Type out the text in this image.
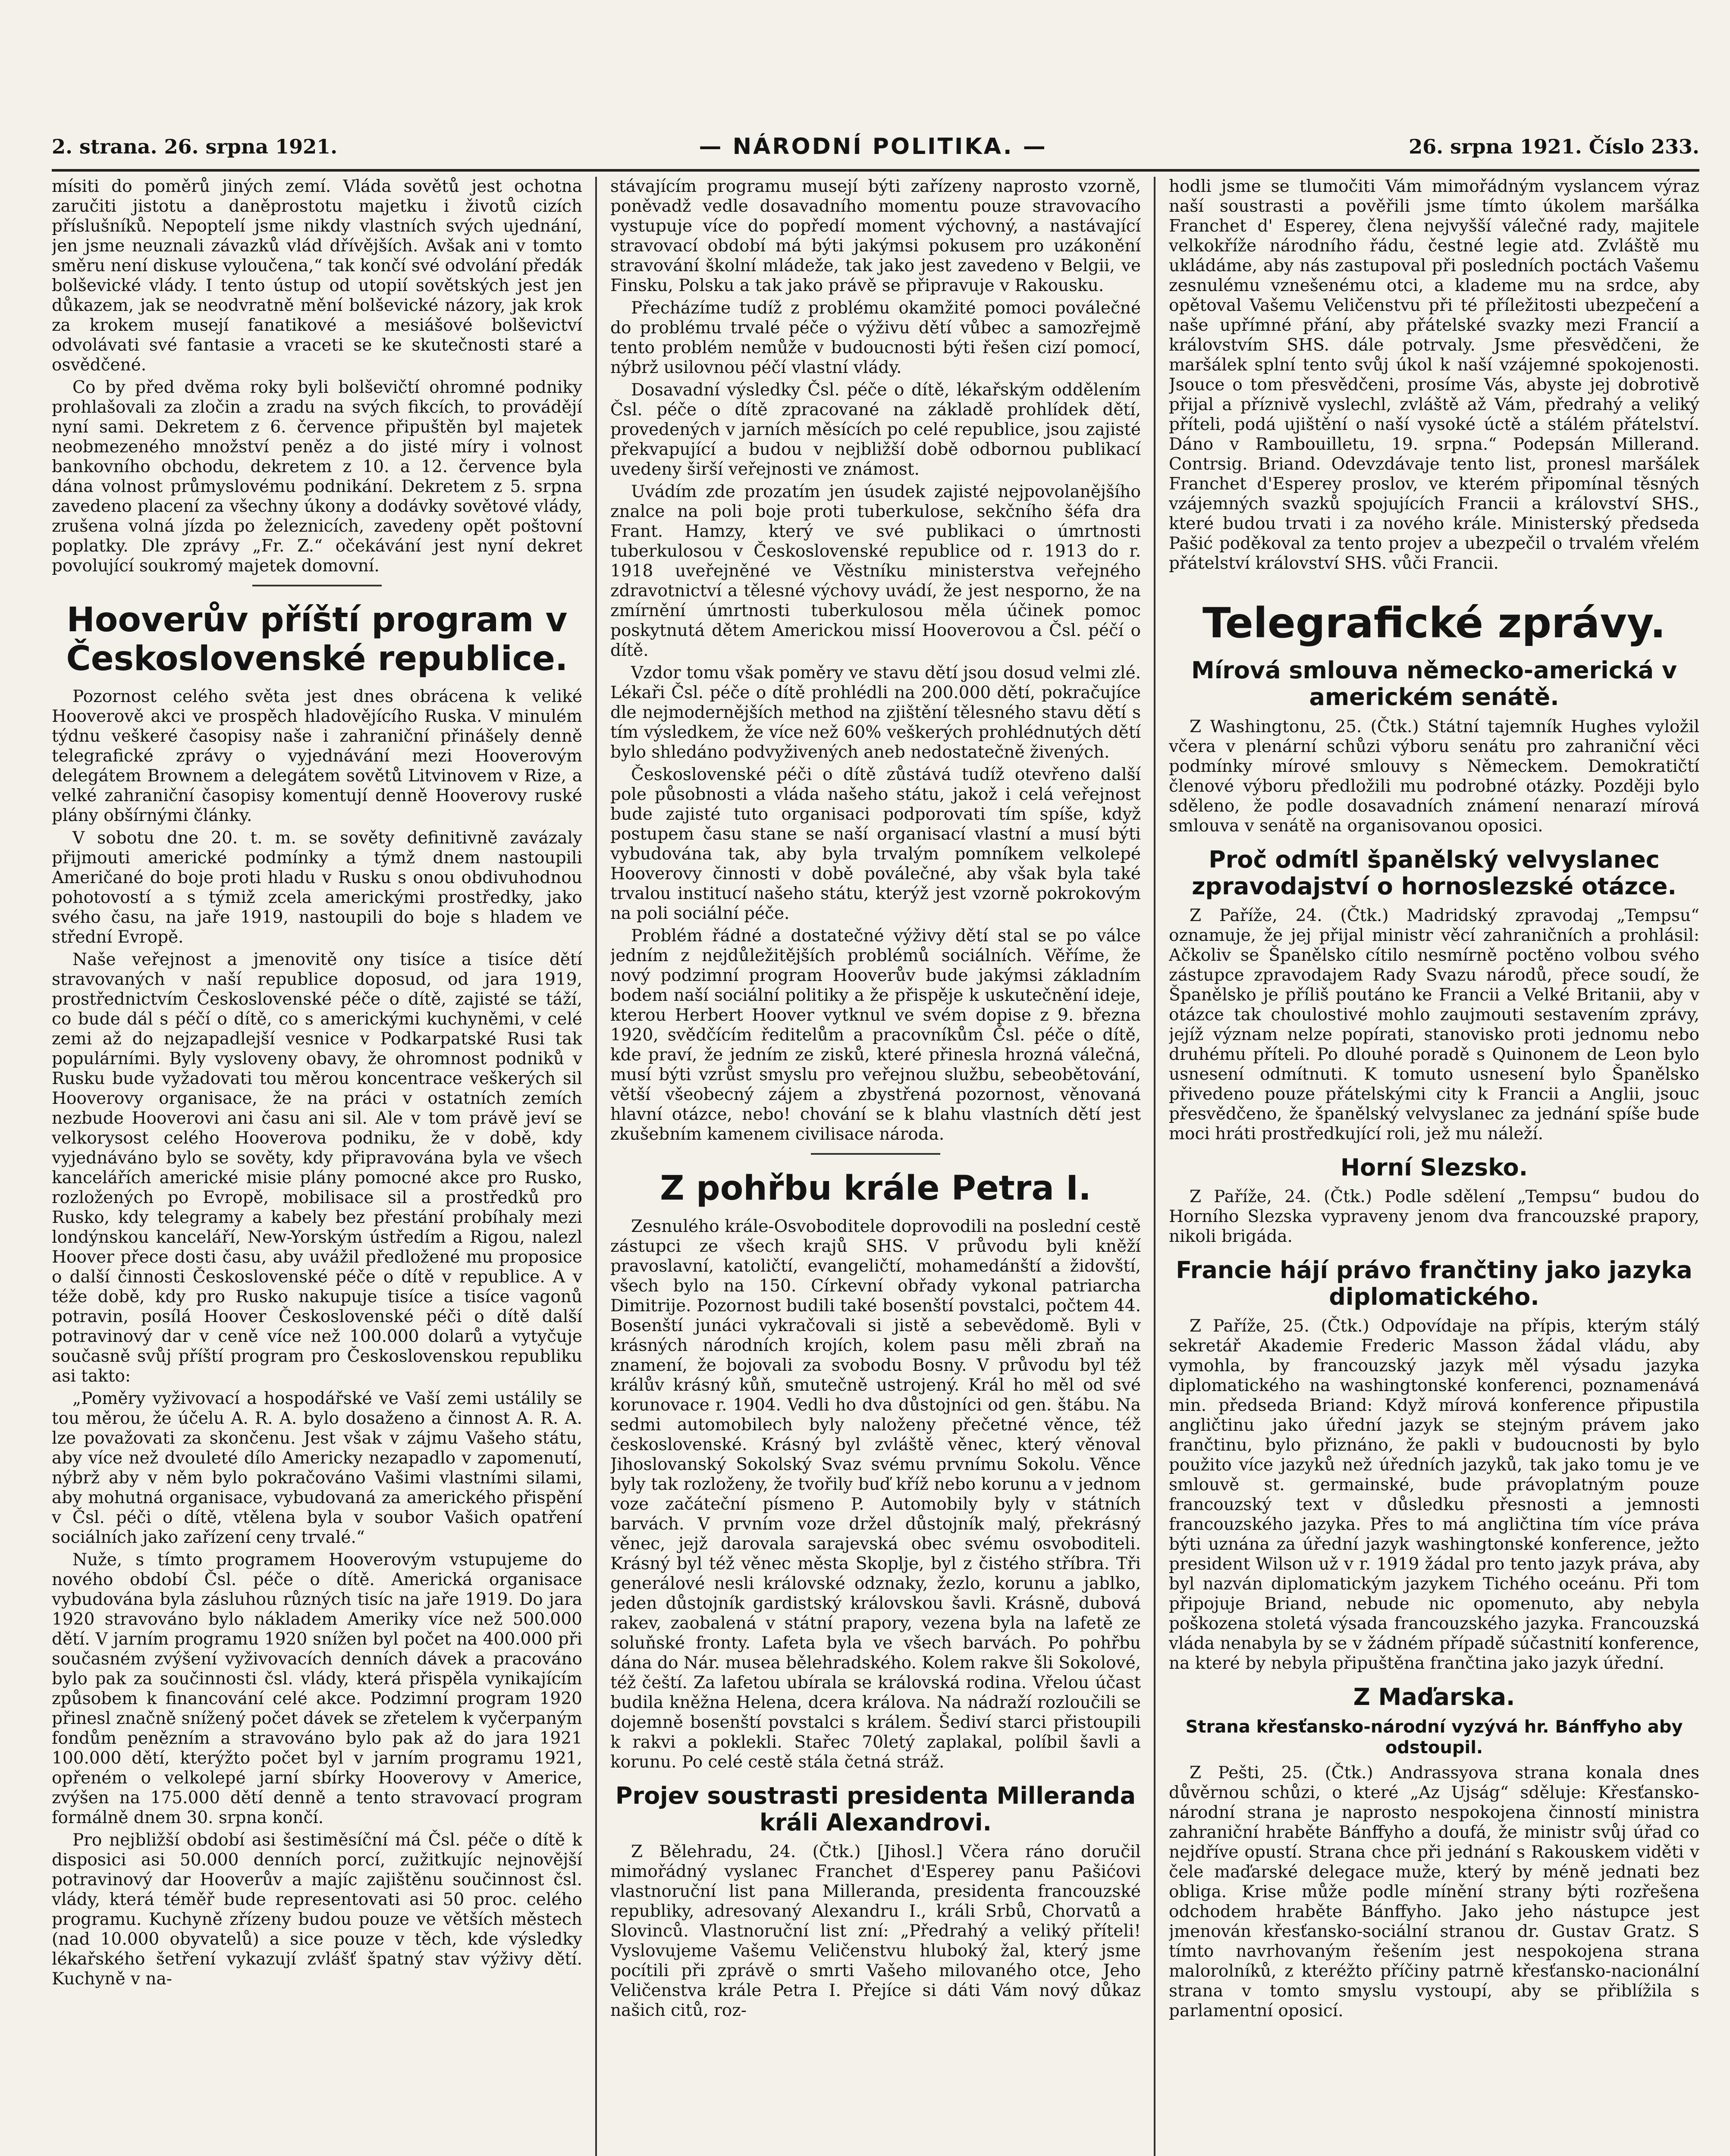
2. strana. 26. srpna 1921.	— NÁRODNÍ POLITIKA. —	26. srpna 1921. Číslo 233.

mísiti do poměrů jiných zemí. Vláda sovětů jest ochotna zaručiti jistotu a daněprostotu majetku i životů cizích příslušníků. Nepoptelí jsme nikdy vlastních svých ujednání, jen jsme neuznali závazků vlád dřívějších. Avšak ani v tomto směru není diskuse vyloučena,“ tak končí své odvolání předák bolševické vlády. I tento ústup od utopií sovětských jest jen důkazem, jak se neodvratně mění bolševické názory, jak krok za krokem musejí fanatikové a mesiášové bolševictví odvolávati své fantasie a vraceti se ke skutečnosti staré a osvědčené.

Co by před dvěma roky byli bolševičtí ohromné podniky prohlašovali za zločin a zradu na svých fikcích, to provádějí nyní sami. Dekretem z 6. července připuštěn byl majetek neobmezeného množství peněz a do jisté míry i volnost bankovního obchodu, dekretem z 10. a 12. července byla dána volnost průmyslovému podnikání. Dekretem z 5. srpna zavedeno placení za všechny úkony a dodávky sovětové vlády, zrušena volná jízda po železnicích, zavedeny opět poštovní poplatky. Dle zprávy „Fr. Z.“ očekávání jest nyní dekret povolující soukromý majetek domovní.

Hooverův příští program v Československé republice.

Pozornost celého světa jest dnes obrácena k veliké Hooverově akci ve prospěch hladovějícího Ruska. V minulém týdnu veškeré časopisy naše i zahraniční přinášely denně telegrafické zprávy o vyjednávání mezi Hooverovým delegátem Brownem a delegátem sovětů Litvinovem v Rize, a velké zahraniční časopisy komentují denně Hooverovy ruské plány obšírnými články.

V sobotu dne 20. t. m. se sověty definitivně zavázaly přijmouti americké podmínky a týmž dnem nastoupili Američané do boje proti hladu v Rusku s onou obdivuhodnou pohotovostí a s týmiž zcela americkými prostředky, jako svého času, na jaře 1919, nastoupili do boje s hladem ve střední Evropě.

Naše veřejnost a jmenovitě ony tisíce a tisíce dětí stravovaných v naší republice doposud, od jara 1919, prostřednictvím Československé péče o dítě, zajisté se táží, co bude dál s péčí o dítě, co s americkými kuchyněmi, v celé zemi až do nejzapadlejší vesnice v Podkarpatské Rusi tak populárními. Byly vysloveny obavy, že ohromnost podniků v Rusku bude vyžadovati tou měrou koncentrace veškerých sil Hooverovy organisace, že na práci v ostatních zemích nezbude Hooverovi ani času ani sil. Ale v tom právě jeví se velkorysost celého Hooverova podniku, že v době, kdy vyjednáváno bylo se sověty, kdy připravována byla ve všech kancelářích americké misie plány pomocné akce pro Rusko, rozložených po Evropě, mobilisace sil a prostředků pro Rusko, kdy telegramy a kabely bez přestání probíhaly mezi londýnskou kanceláří, New-Yorským ústředím a Rigou, nalezl Hoover přece dosti času, aby uvážil předložené mu proposice o další činnosti Československé péče o dítě v republice. A v téže době, kdy pro Rusko nakupuje tisíce a tisíce vagonů potravin, posílá Hoover Československé péči o dítě další potravinový dar v ceně více než 100.000 dolarů a vytyčuje současně svůj příští program pro Československou republiku asi takto:

„Poměry vyživovací a hospodářské ve Vaší zemi ustálily se tou měrou, že účelu A. R. A. bylo dosaženo a činnost A. R. A. lze považovati za skončenu. Jest však v zájmu Vašeho státu, aby více než dvouleté dílo Americky nezapadlo v zapomenutí, nýbrž aby v něm bylo pokračováno Vašimi vlastními silami, aby mohutná organisace, vybudovaná za amerického přispění v Čsl. péči o dítě, vtělena byla v soubor Vašich opatření sociálních jako zařízení ceny trvalé.“

Nuže, s tímto programem Hooverovým vstupujeme do nového období Čsl. péče o dítě. Americká organisace vybudována byla zásluhou různých tisíc na jaře 1919. Do jara 1920 stravováno bylo nákladem Ameriky více než 500.000 dětí. V jarním programu 1920 snížen byl počet na 400.000 při současném zvýšení vyživovacích denních dávek a pracováno bylo pak za součinnosti čsl. vlády, která přispěla vynikajícím způsobem k financování celé akce. Podzimní program 1920 přinesl značně snížený počet dávek se zřetelem k vyčerpaným fondům penězním a stravováno bylo pak až do jara 1921 100.000 dětí, kterýžto počet byl v jarním programu 1921, opřeném o velkolepé jarní sbírky Hooverovy v Americe, zvýšen na 175.000 dětí denně a tento stravovací program formálně dnem 30. srpna končí.

Pro nejbližší období asi šestiměsíční má Čsl. péče o dítě k disposici asi 50.000 denních porcí, zužitkujíc nejnovější potravinový dar Hooverův a majíc zajištěnu součinnost čsl. vlády, která téměř bude representovati asi 50 proc. celého programu. Kuchyně zřízeny budou pouze ve větších městech (nad 10.000 obyvatelů) a sice pouze v těch, kde výsledky lékařského šetření vykazují zvlášť špatný stav výživy dětí. Kuchyně v na-

stávajícím programu musejí býti zařízeny naprosto vzorně, poněvadž vedle dosavadního momentu pouze stravovacího vystupuje více do popředí moment výchovný, a nastávající stravovací období má býti jakýmsi pokusem pro uzákonění stravování školní mládeže, tak jako jest zavedeno v Belgii, ve Finsku, Polsku a tak jako právě se připravuje v Rakousku.

Přecházíme tudíž z problému okamžité pomoci poválečné do problému trvalé péče o výživu dětí vůbec a samozřejmě tento problém nemůže v budoucnosti býti řešen cizí pomocí, nýbrž usilovnou péčí vlastní vlády.

Dosavadní výsledky Čsl. péče o dítě, lékařským oddělením Čsl. péče o dítě zpracované na základě prohlídek dětí, provedených v jarních měsících po celé republice, jsou zajisté překvapující a budou v nejbližší době odbornou publikací uvedeny širší veřejnosti ve známost.

Uvádím zde prozatím jen úsudek zajisté nejpovolanějšího znalce na poli boje proti tuberkulose, sekčního šéfa dra Frant. Hamzy, který ve své publikaci o úmrtnosti tuberkulosou v Československé republice od r. 1913 do r. 1918 uveřejněné ve Věstníku ministerstva veřejného zdravotnictví a tělesné výchovy uvádí, že jest nesporno, že na zmírnění úmrtnosti tuberkulosou měla účinek pomoc poskytnutá dětem Americkou missí Hooverovou a Čsl. péčí o dítě.

Vzdor tomu však poměry ve stavu dětí jsou dosud velmi zlé. Lékaři Čsl. péče o dítě prohlédli na 200.000 dětí, pokračujíce dle nejmodernějších method na zjištění tělesného stavu dětí s tím výsledkem, že více než 60% veškerých prohlédnutých dětí bylo shledáno podvyživených aneb nedostatečně živených.

Československé péči o dítě zůstává tudíž otevřeno další pole působnosti a vláda našeho státu, jakož i celá veřejnost bude zajisté tuto organisaci podporovati tím spíše, když postupem času stane se naší organisací vlastní a musí býti vybudována tak, aby byla trvalým pomníkem velkolepé Hooverovy činnosti v době poválečné, aby však byla také trvalou institucí našeho státu, kterýž jest vzorně pokrokovým na poli sociální péče.

Problém řádné a dostatečné výživy dětí stal se po válce jedním z nejdůležitějších problémů sociálních. Věříme, že nový podzimní program Hooverův bude jakýmsi základním bodem naší sociální politiky a že přispěje k uskutečnění ideje, kterou Herbert Hoover vytknul ve svém dopise z 9. března 1920, svědčícím ředitelům a pracovníkům Čsl. péče o dítě, kde praví, že jedním ze zisků, které přinesla hrozná válečná, musí býti vzrůst smyslu pro veřejnou službu, sebeobětování, větší všeobecný zájem a zbystřená pozornost, věnovaná hlavní otázce, nebo! chování se k blahu vlastních dětí jest zkušebním kamenem civilisace národa.

Z pohřbu krále Petra I.

Zesnulého krále-Osvoboditele doprovodili na poslední cestě zástupci ze všech krajů SHS. V průvodu byli kněží pravoslavní, katoličtí, evangeličtí, mohamedánští a židovští, všech bylo na 150. Církevní obřady vykonal patriarcha Dimitrije. Pozornost budili také bosenští povstalci, počtem 44. Bosenští junáci vykračovali si jistě a sebevědomě. Byli v krásných národních krojích, kolem pasu měli zbraň na znamení, že bojovali za svobodu Bosny. V průvodu byl též králův krásný kůň, smutečně ustrojený. Král ho měl od své korunovace r. 1904. Vedli ho dva důstojníci od gen. štábu. Na sedmi automobilech byly naloženy přečetné věnce, též československé. Krásný byl zvláště věnec, který věnoval Jihoslovanský Sokolský Svaz svému prvnímu Sokolu. Věnce byly tak rozloženy, že tvořily buď kříž nebo korunu a v jednom voze začáteční písmeno P. Automobily byly v státních barvách. V prvním voze držel důstojník malý, překrásný věnec, jejž darovala sarajevská obec svému osvoboditeli. Krásný byl též věnec města Skoplje, byl z čistého stříbra. Tři generálové nesli královské odznaky, žezlo, korunu a jablko, jeden důstojník gardistský královskou šavli. Krásně, dubová rakev, zaobalená v státní prapory, vezena byla na lafetě ze soluňské fronty. Lafeta byla ve všech barvách. Po pohřbu dána do Nár. musea bělehradského. Kolem rakve šli Sokolové, též čeští. Za lafetou ubírala se královská rodina. Vřelou účast budila kněžna Helena, dcera králova. Na nádraží rozloučili se dojemně bosenští povstalci s králem. Šediví starci přistoupili k rakvi a poklekli. Stařec 70letý zaplakal, políbil šavli a korunu. Po celé cestě stála četná stráž.

Projev soustrasti presidenta Milleranda králi Alexandrovi.

Z Bělehradu, 24. (Čtk.) [Jihosl.] Včera ráno doručil mimořádný vyslanec Franchet d'Esperey panu Pašićovi vlastnoruční list pana Milleranda, presidenta francouzské republiky, adresovaný Alexandru I., králi Srbů, Chorvatů a Slovinců. Vlastnoruční list zní: „Předrahý a veliký příteli! Vyslovujeme Vašemu Veličenstvu hluboký žal, který jsme pocítili při zprávě o smrti Vašeho milovaného otce, Jeho Veličenstva krále Petra I. Přejíce si dáti Vám nový důkaz našich citů, roz-

hodli jsme se tlumočiti Vám mimořádným vyslancem výraz naší soustrasti a pověřili jsme tímto úkolem maršálka Franchet d' Esperey, člena nejvyšší válečné rady, majitele velkokříže národního řádu, čestné legie atd. Zvláště mu ukládáme, aby nás zastupoval při posledních poctách Vašemu zesnulému vznešenému otci, a klademe mu na srdce, aby opětoval Vašemu Veličenstvu při té příležitosti ubezpečení a naše upřímné přání, aby přátelské svazky mezi Francií a královstvím SHS. dále potrvaly. Jsme přesvědčeni, že maršálek splní tento svůj úkol k naší vzájemné spokojenosti. Jsouce o tom přesvědčeni, prosíme Vás, abyste jej dobrotivě přijal a příznivě vyslechl, zvláště až Vám, předrahý a veliký příteli, podá ujištění o naší vysoké úctě a stálém přátelství. Dáno v Rambouilletu, 19. srpna.“ Podepsán Millerand. Contrsig. Briand. Odevzdávaje tento list, pronesl maršálek Franchet d'Esperey proslov, ve kterém připomínal těsných vzájemných svazků spojujících Francii a království SHS., které budou trvati i za nového krále. Ministerský předseda Pašić poděkoval za tento projev a ubezpečil o trvalém vřelém přátelství království SHS. vůči Francii.

Telegrafické zprávy.
Mírová smlouva německo-americká v americkém senátě.

Z Washingtonu, 25. (Čtk.) Státní tajemník Hughes vyložil včera v plenární schůzi výboru senátu pro zahraniční věci podmínky mírové smlouvy s Německem. Demokratičtí členové výboru předložili mu podrobné otázky. Později bylo sděleno, že podle dosavadních známení nenarazí mírová smlouva v senátě na organisovanou oposici.

Proč odmítl španělský velvyslanec zpravodajství o hornoslezské otázce.

Z Paříže, 24. (Čtk.) Madridský zpravodaj „Tempsu“ oznamuje, že jej přijal ministr věcí zahraničních a prohlásil: Ačkoliv se Španělsko cítilo nesmírně poctěno volbou svého zástupce zpravodajem Rady Svazu národů, přece soudí, že Španělsko je příliš poutáno ke Francii a Velké Britanii, aby v otázce tak choulostivé mohlo zaujmouti sestavením zprávy, jejíž význam nelze popírati, stanovisko proti jednomu nebo druhému příteli. Po dlouhé poradě s Quinonem de Leon bylo usnesení odmítnuti. K tomuto usnesení bylo Španělsko přivedeno pouze přátelskými city k Francii a Anglii, jsouc přesvědčeno, že španělský velvyslanec za jednání spíše bude moci hráti prostředkující roli, jež mu náleží.

Horní Slezsko.

Z Paříže, 24. (Čtk.) Podle sdělení „Tempsu“ budou do Horního Slezska vypraveny jenom dva francouzské prapory, nikoli brigáda.

Francie hájí právo frančtiny jako jazyka diplomatického.

Z Paříže, 25. (Čtk.) Odpovídaje na přípis, kterým stálý sekretář Akademie Frederic Masson žádal vládu, aby vymohla, by francouzský jazyk měl výsadu jazyka diplomatického na washingtonské konferenci, poznamenává min. předseda Briand: Když mírová konference připustila angličtinu jako úřední jazyk se stejným právem jako frančtinu, bylo přiznáno, že pakli v budoucnosti by bylo použito více jazyků než úředních jazyků, tak jako tomu je ve smlouvě st. germainské, bude právoplatným pouze francouzský text v důsledku přesnosti a jemnosti francouzského jazyka. Přes to má angličtina tím více práva býti uznána za úřední jazyk washingtonské konference, ježto president Wilson už v r. 1919 žádal pro tento jazyk práva, aby byl nazván diplomatickým jazykem Tichého oceánu. Při tom připojuje Briand, nebude nic opomenuto, aby nebyla poškozena stoletá výsada francouzského jazyka. Francouzská vláda nenabyla by se v žádném případě súčastnití konference, na které by nebyla připuštěna frančtina jako jazyk úřední.

Z Maďarska.
Strana křesťansko-národní vyzývá hr. Bánffyho aby odstoupil.

Z Pešti, 25. (Čtk.) Andrassyova strana konala dnes důvěrnou schůzi, o které „Az Ujság“ sděluje: Křesťansko-národní strana je naprosto nespokojena činností ministra zahraniční hraběte Bánffyho a doufá, že ministr svůj úřad co nejdříve opustí. Strana chce při jednání s Rakouskem viděti v čele maďarské delegace muže, který by méně jednati bez obliga. Krise může podle mínění strany býti rozřešena odchodem hraběte Bánffyho. Jako jeho nástupce jest jmenován křesťansko-sociální stranou dr. Gustav Gratz. S tímto navrhovaným řešením jest nespokojena strana malorolníků, z kteréžto příčiny patrně křesťansko-nacionální strana v tomto smyslu vystoupí, aby se přiblížila s parlamentní oposicí.
